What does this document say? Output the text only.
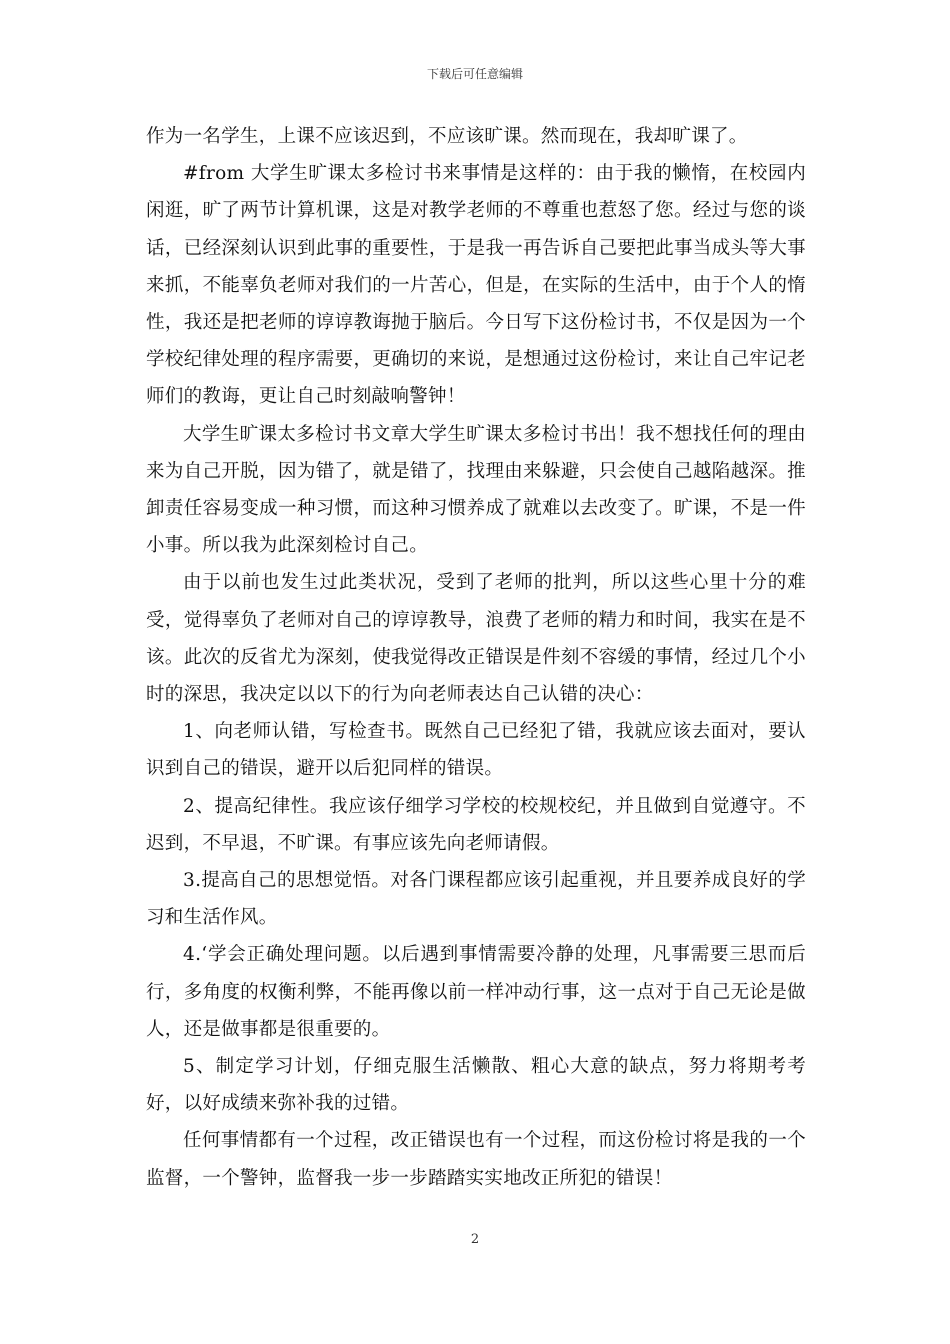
下载后可任意编辑

作为一名学生，上课不应该迟到，不应该旷课。然而现在，我却旷课了。

#from 大学生旷课太多检讨书来事情是这样的：由于我的懒惰，在校园内闲逛，旷了两节计算机课，这是对教学老师的不尊重也惹怒了您。经过与您的谈话，已经深刻认识到此事的重要性，于是我一再告诉自己要把此事当成头等大事来抓，不能辜负老师对我们的一片苦心，但是，在实际的生活中，由于个人的惰性，我还是把老师的谆谆教诲抛于脑后。今日写下这份检讨书，不仅是因为一个学校纪律处理的程序需要，更确切的来说，是想通过这份检讨，来让自己牢记老师们的教诲，更让自己时刻敲响警钟！

大学生旷课太多检讨书文章大学生旷课太多检讨书出！我不想找任何的理由来为自己开脱，因为错了，就是错了，找理由来躲避，只会使自己越陷越深。推卸责任容易变成一种习惯，而这种习惯养成了就难以去改变了。旷课，不是一件小事。所以我为此深刻检讨自己。

由于以前也发生过此类状况，受到了老师的批判，所以这些心里十分的难受，觉得辜负了老师对自己的谆谆教导，浪费了老师的精力和时间，我实在是不该。此次的反省尤为深刻，使我觉得改正错误是件刻不容缓的事情，经过几个小时的深思，我决定以以下的行为向老师表达自己认错的决心：

1、向老师认错，写检查书。既然自己已经犯了错，我就应该去面对，要认识到自己的错误，避开以后犯同样的错误。

2、提高纪律性。我应该仔细学习学校的校规校纪，并且做到自觉遵守。不迟到，不早退，不旷课。有事应该先向老师请假。

3.提高自己的思想觉悟。对各门课程都应该引起重视，并且要养成良好的学习和生活作风。

4.‘学会正确处理问题。以后遇到事情需要冷静的处理，凡事需要三思而后行，多角度的权衡利弊，不能再像以前一样冲动行事，这一点对于自己无论是做人，还是做事都是很重要的。

5、制定学习计划，仔细克服生活懒散、粗心大意的缺点，努力将期考考好，以好成绩来弥补我的过错。

任何事情都有一个过程，改正错误也有一个过程，而这份检讨将是我的一个监督，一个警钟，监督我一步一步踏踏实实地改正所犯的错误！

2
